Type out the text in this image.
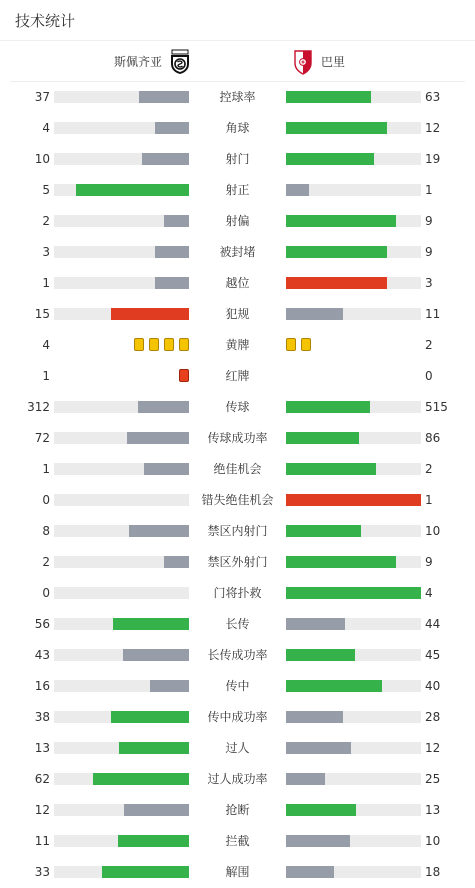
技术统计
斯佩齐亚	巴里
37	控球率	63
4	角球	12
10	射门	19
5	射正	1
2	射偏	9
3	被封堵	9
1	越位	3
15	犯规	11
4	黄牌	2
1	红牌	0
312	传球	515
72	传球成功率	86
1	绝佳机会	2
0	错失绝佳机会	1
8	禁区内射门	10
2	禁区外射门	9
0	门将扑救	4
56	长传	44
43	长传成功率	45
16	传中	40
38	传中成功率	28
13	过人	12
62	过人成功率	25
12	抢断	13
11	拦截	10
33	解围	18
